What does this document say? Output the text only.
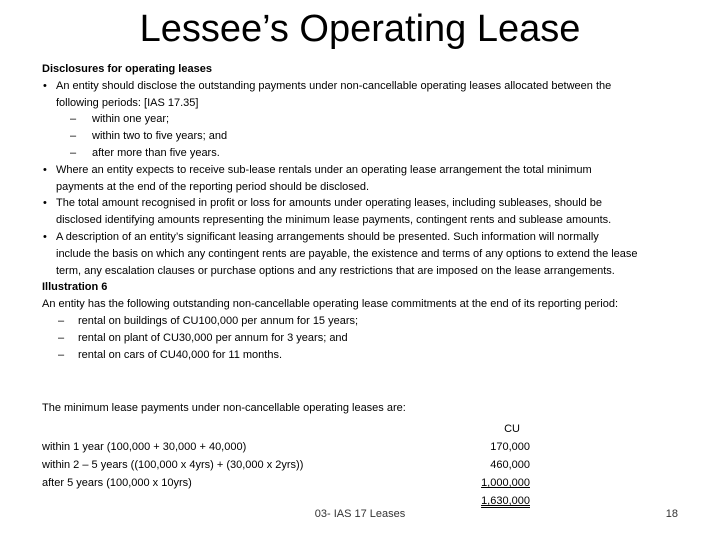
Lessee’s Operating Lease
Disclosures for operating leases
• An entity should disclose the outstanding payments under non-cancellable operating leases allocated between the
following periods: [IAS 17.35]
– within one year;
– within two to five years; and
– after more than five years.
• Where an entity expects to receive sub-lease rentals under an operating lease arrangement the total minimum
payments at the end of the reporting period should be disclosed.
• The total amount recognised in profit or loss for amounts under operating leases, including subleases, should be
disclosed identifying amounts representing the minimum lease payments, contingent rents and sublease amounts.
• A description of an entity’s significant leasing arrangements should be presented. Such information will normally
include the basis on which any contingent rents are payable, the existence and terms of any options to extend the lease
term, any escalation clauses or purchase options and any restrictions that are imposed on the lease arrangements.
Illustration 6
An entity has the following outstanding non-cancellable operating lease commitments at the end of its reporting period:
– rental on buildings of CU100,000 per annum for 15 years;
– rental on plant of CU30,000 per annum for 3 years; and
– rental on cars of CU40,000 for 11 months.
The minimum lease payments under non-cancellable operating leases are:
CU
within 1 year (100,000 + 30,000 + 40,000)	170,000
within 2 – 5 years ((100,000 x 4yrs) + (30,000 x 2yrs))	460,000
after 5 years (100,000 x 10yrs)	1,000,000
1,630,000
03- IAS 17 Leases	18
